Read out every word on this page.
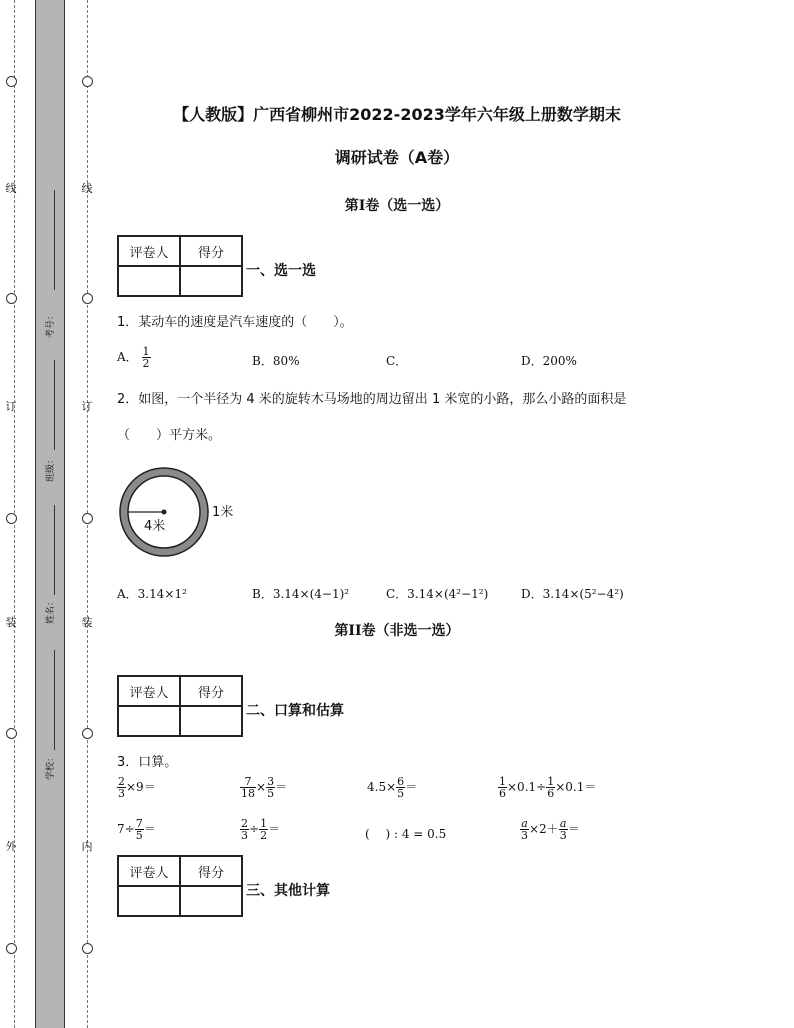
线
订
装
外
线
订
装
内
考号：
班级：
姓名：
学校：
【人教版】广西省柳州市2022-2023学年六年级上册数学期末
调研试卷（A卷）
第I卷（选一选）
评卷人	得分

一、选一选
1．某动车的速度是汽车速度的（　　）。
A． $\frac{1}{2}$	B．80%	C．	D．200%
2．如图，一个半径为 4 米的旋转木马场地的周边留出 1 米宽的小路，那么小路的面积是
（　　）平方米。
4米
1米
A．3.14×1²	B．3.14×(4−1)²	C．3.14×(4²−1²)	D．3.14×(5²−4²)
第II卷（非选一选）
评卷人	得分

二、口算和估算
3．口算。
$\frac{2}{3} \times 9=$	$\frac{7}{18} \times \frac{3}{5}$ ＝	$4.5\times \frac{6}{5}$ ＝	$\frac{1}{6} \times 0.1\div \frac{1}{6} \times 0.1=$
$7\div \frac{7}{5}$ ＝	$\frac{2}{3} \div \frac{1}{2}$ ＝	(　 ) : 4 = 0.5	$\frac{a}{3} \times 2+ \frac{a}{3}$ ＝
评卷人	得分

三、其他计算
